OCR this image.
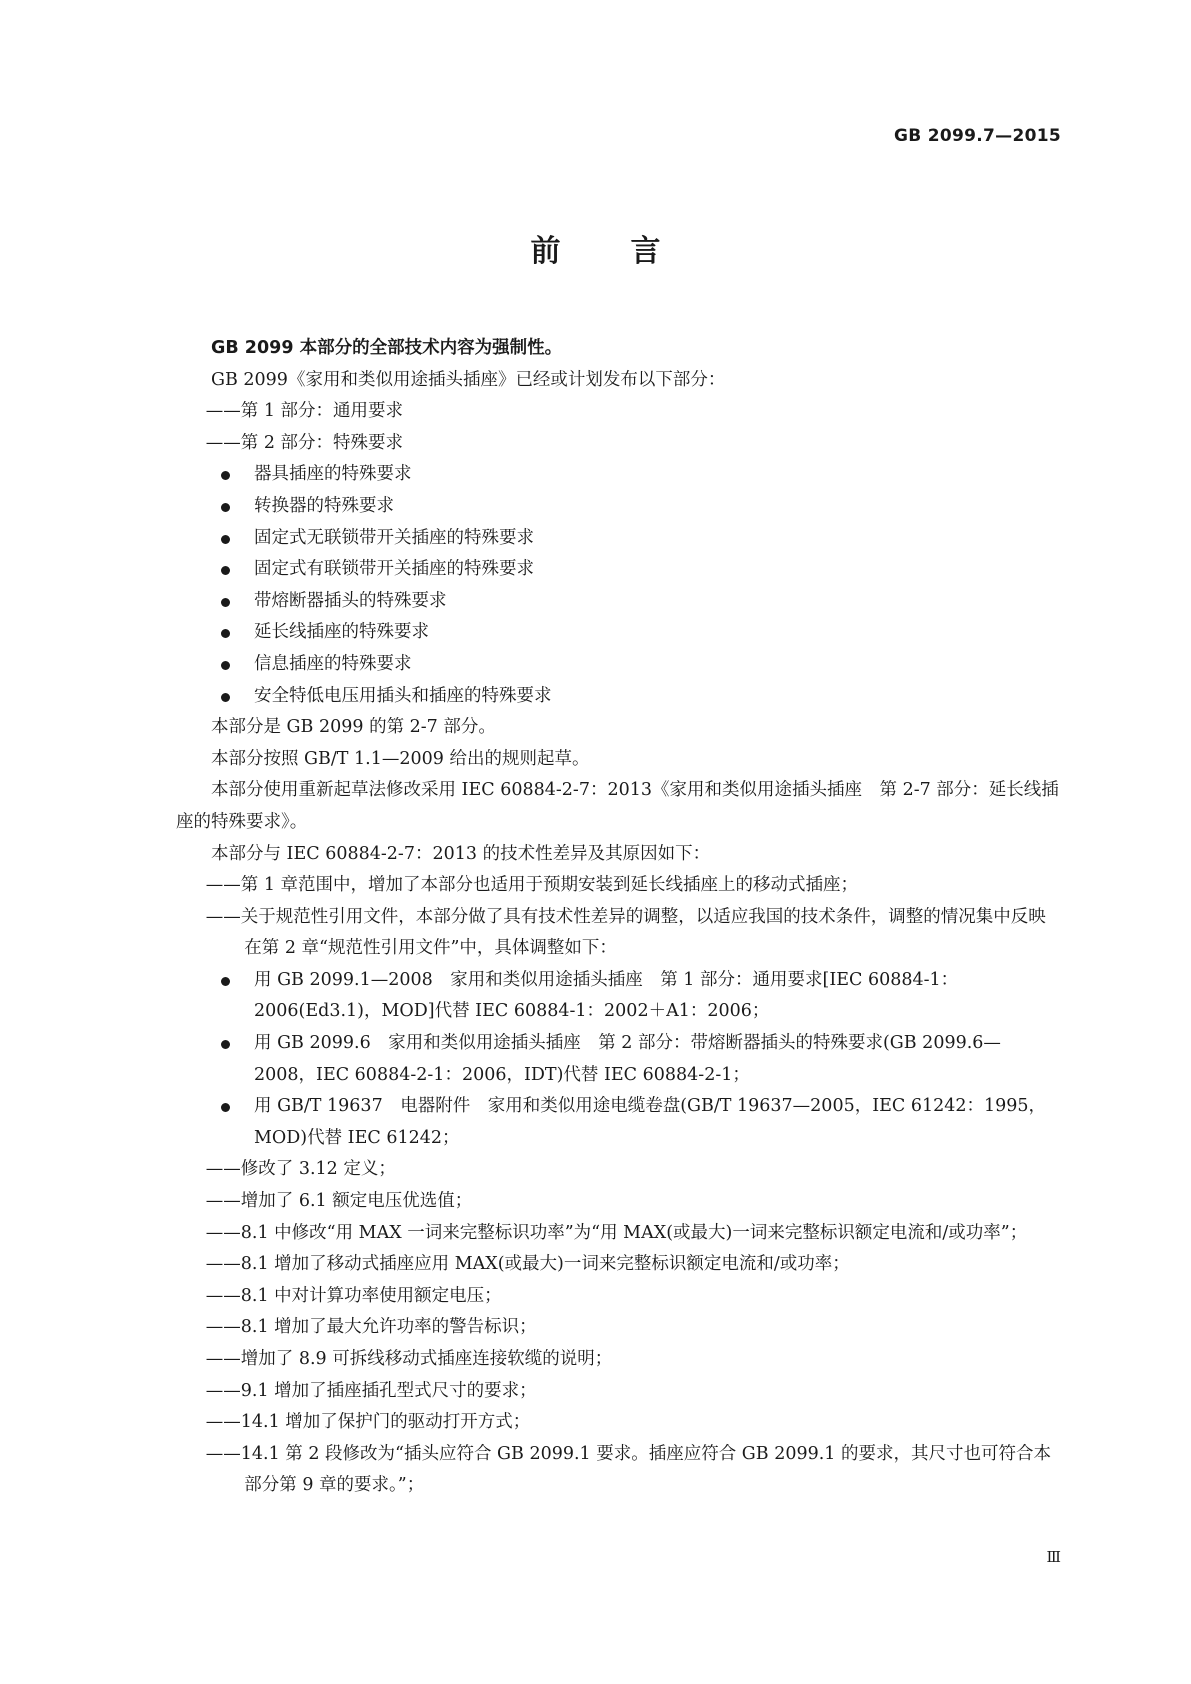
GB 2099.7—2015
前 言

GB 2099 本部分的全部技术内容为强制性。

GB 2099《家用和类似用途插头插座》已经或计划发布以下部分：

——第 1 部分：通用要求

——第 2 部分：特殊要求

器具插座的特殊要求

转换器的特殊要求

固定式无联锁带开关插座的特殊要求

固定式有联锁带开关插座的特殊要求

带熔断器插头的特殊要求

延长线插座的特殊要求

信息插座的特殊要求

安全特低电压用插头和插座的特殊要求

本部分是 GB 2099 的第 2-7 部分。

本部分按照 GB/T 1.1—2009 给出的规则起草。

本部分使用重新起草法修改采用 IEC 60884-2-7：2013《家用和类似用途插头插座　第 2-7 部分：延长线插座的特殊要求》。

本部分与 IEC 60884-2-7：2013 的技术性差异及其原因如下：

——第 1 章范围中，增加了本部分也适用于预期安装到延长线插座上的移动式插座；

——关于规范性引用文件，本部分做了具有技术性差异的调整，以适应我国的技术条件，调整的情况集中反映在第 2 章“规范性引用文件”中，具体调整如下：

用 GB 2099.1—2008　家用和类似用途插头插座　第 1 部分：通用要求[IEC 60884-1：2006(Ed3.1)，MOD]代替 IEC 60884-1：2002＋A1：2006；

用 GB 2099.6　家用和类似用途插头插座　第 2 部分：带熔断器插头的特殊要求(GB 2099.6—2008，IEC 60884-2-1：2006，IDT)代替 IEC 60884-2-1；

用 GB/T 19637　电器附件　家用和类似用途电缆卷盘(GB/T 19637—2005，IEC 61242：1995，MOD)代替 IEC 61242；

——修改了 3.12 定义；

——增加了 6.1 额定电压优选值；

——8.1 中修改“用 MAX 一词来完整标识功率”为“用 MAX(或最大)一词来完整标识额定电流和/或功率”；

——8.1 增加了移动式插座应用 MAX(或最大)一词来完整标识额定电流和/或功率；

——8.1 中对计算功率使用额定电压；

——8.1 增加了最大允许功率的警告标识；

——增加了 8.9 可拆线移动式插座连接软缆的说明；

——9.1 增加了插座插孔型式尺寸的要求；

——14.1 增加了保护门的驱动打开方式；

——14.1 第 2 段修改为“插头应符合 GB 2099.1 要求。插座应符合 GB 2099.1 的要求，其尺寸也可符合本部分第 9 章的要求。”；

Ⅲ
